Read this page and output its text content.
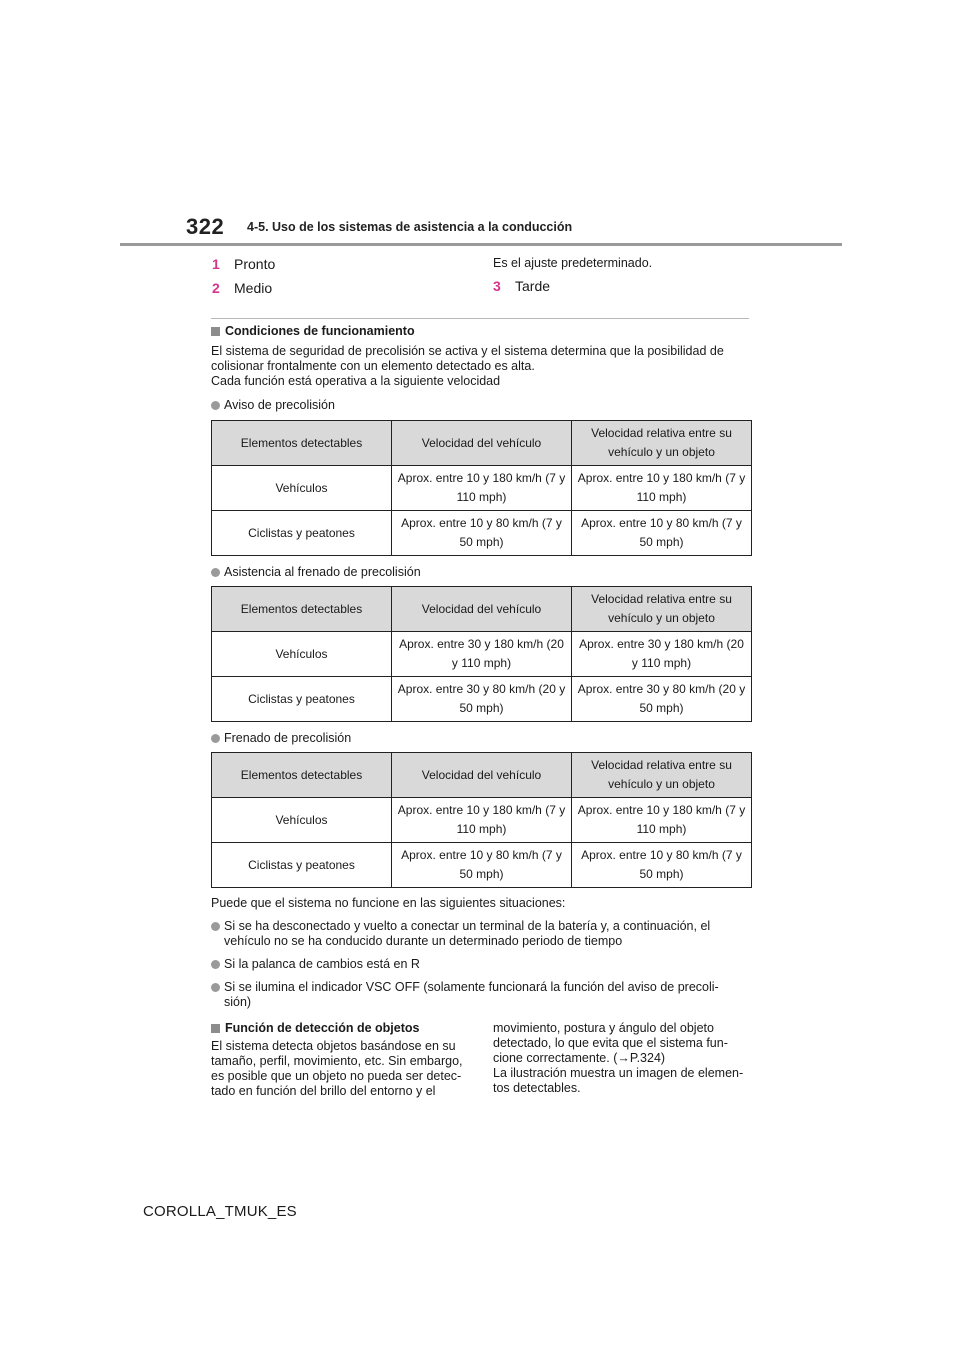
322 4-5. Uso de los sistemas de asistencia a la conducción
1	Pronto
2	Medio
Es el ajuste predeterminado.
3	Tarde
Condiciones de funcionamiento
El sistema de seguridad de precolisión se activa y el sistema determina que la posibilidad de
colisionar frontalmente con un elemento detectado es alta.
Cada función está operativa a la siguiente velocidad
Aviso de precolisión
Elementos detectables	Velocidad del vehículo	Velocidad relativa entre su vehículo y un objeto
Vehículos	Aprox. entre 10 y 180 km/h (7 y 110 mph)	Aprox. entre 10 y 180 km/h (7 y 110 mph)
Ciclistas y peatones	Aprox. entre 10 y 80 km/h (7 y 50 mph)	Aprox. entre 10 y 80 km/h (7 y 50 mph)
Asistencia al frenado de precolisión
Elementos detectables	Velocidad del vehículo	Velocidad relativa entre su vehículo y un objeto
Vehículos	Aprox. entre 30 y 180 km/h (20 y 110 mph)	Aprox. entre 30 y 180 km/h (20 y 110 mph)
Ciclistas y peatones	Aprox. entre 30 y 80 km/h (20 y 50 mph)	Aprox. entre 30 y 80 km/h (20 y 50 mph)
Frenado de precolisión
Elementos detectables	Velocidad del vehículo	Velocidad relativa entre su vehículo y un objeto
Vehículos	Aprox. entre 10 y 180 km/h (7 y 110 mph)	Aprox. entre 10 y 180 km/h (7 y 110 mph)
Ciclistas y peatones	Aprox. entre 10 y 80 km/h (7 y 50 mph)	Aprox. entre 10 y 80 km/h (7 y 50 mph)
Puede que el sistema no funcione en las siguientes situaciones:
Si se ha desconectado y vuelto a conectar un terminal de la batería y, a continuación, el
vehículo no se ha conducido durante un determinado periodo de tiempo
Si la palanca de cambios está en R
Si se ilumina el indicador VSC OFF (solamente funcionará la función del aviso de precoli-
sión)
Función de detección de objetos
El sistema detecta objetos basándose en su
tamaño, perfil, movimiento, etc. Sin embargo,
es posible que un objeto no pueda ser detec-
tado en función del brillo del entorno y el
movimiento, postura y ángulo del objeto
detectado, lo que evita que el sistema fun-
cione correctamente. (→P.324)
La ilustración muestra un imagen de elemen-
tos detectables.
COROLLA_TMUK_ES
